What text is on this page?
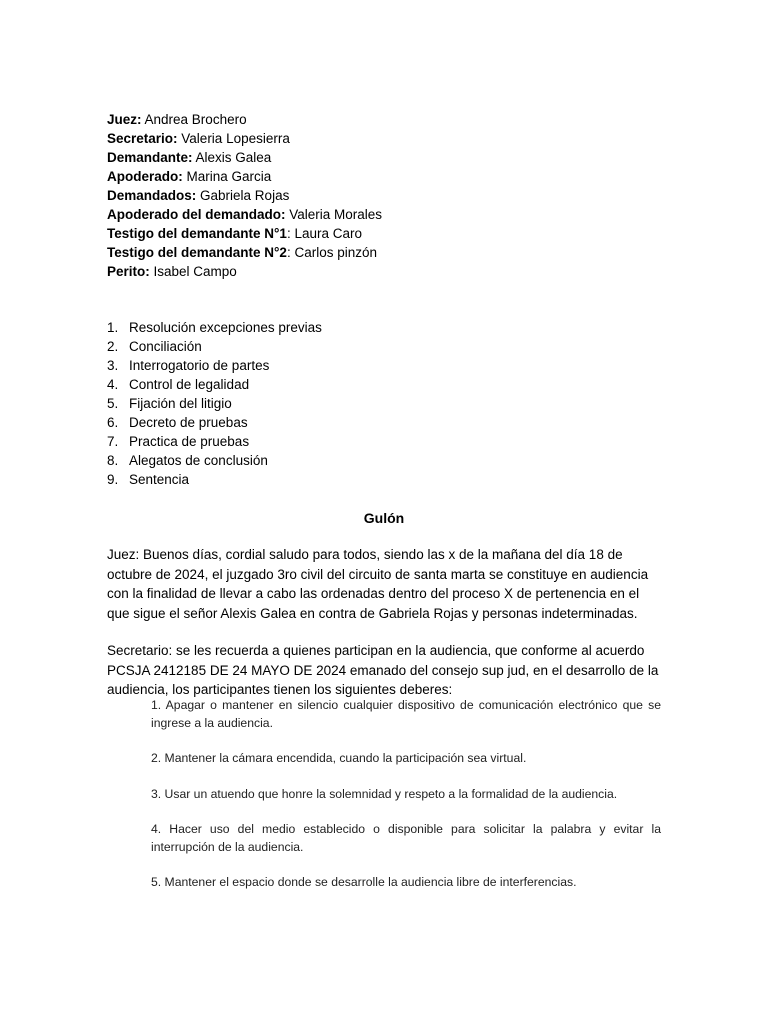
Juez: Andrea Brochero
Secretario: Valeria Lopesierra
Demandante: Alexis Galea
Apoderado: Marina Garcia
Demandados: Gabriela Rojas
Apoderado del demandado: Valeria Morales
Testigo del demandante N°1: Laura Caro
Testigo del demandante N°2: Carlos pinzón
Perito: Isabel Campo
1. Resolución excepciones previas
2. Conciliación
3. Interrogatorio de partes
4. Control de legalidad
5. Fijación del litigio
6. Decreto de pruebas
7. Practica de pruebas
8. Alegatos de conclusión
9. Sentencia
Gulón

Juez: Buenos días, cordial saludo para todos, siendo las x de la mañana del día 18 de octubre de 2024, el juzgado 3ro civil del circuito de santa marta se constituye en audiencia con la finalidad de llevar a cabo las ordenadas dentro del proceso X de pertenencia en el que sigue el señor Alexis Galea en contra de Gabriela Rojas y personas indeterminadas.

Secretario: se les recuerda a quienes participan en la audiencia, que conforme al acuerdo PCSJA 2412185 DE 24 MAYO DE 2024 emanado del consejo sup jud, en el desarrollo de la audiencia, los participantes tienen los siguientes deberes:

1. Apagar o mantener en silencio cualquier dispositivo de comunicación electrónico que se ingrese a la audiencia.
2. Mantener la cámara encendida, cuando la participación sea virtual.
3. Usar un atuendo que honre la solemnidad y respeto a la formalidad de la audiencia.
4. Hacer uso del medio establecido o disponible para solicitar la palabra y evitar la interrupción de la audiencia.
5. Mantener el espacio donde se desarrolle la audiencia libre de interferencias.
